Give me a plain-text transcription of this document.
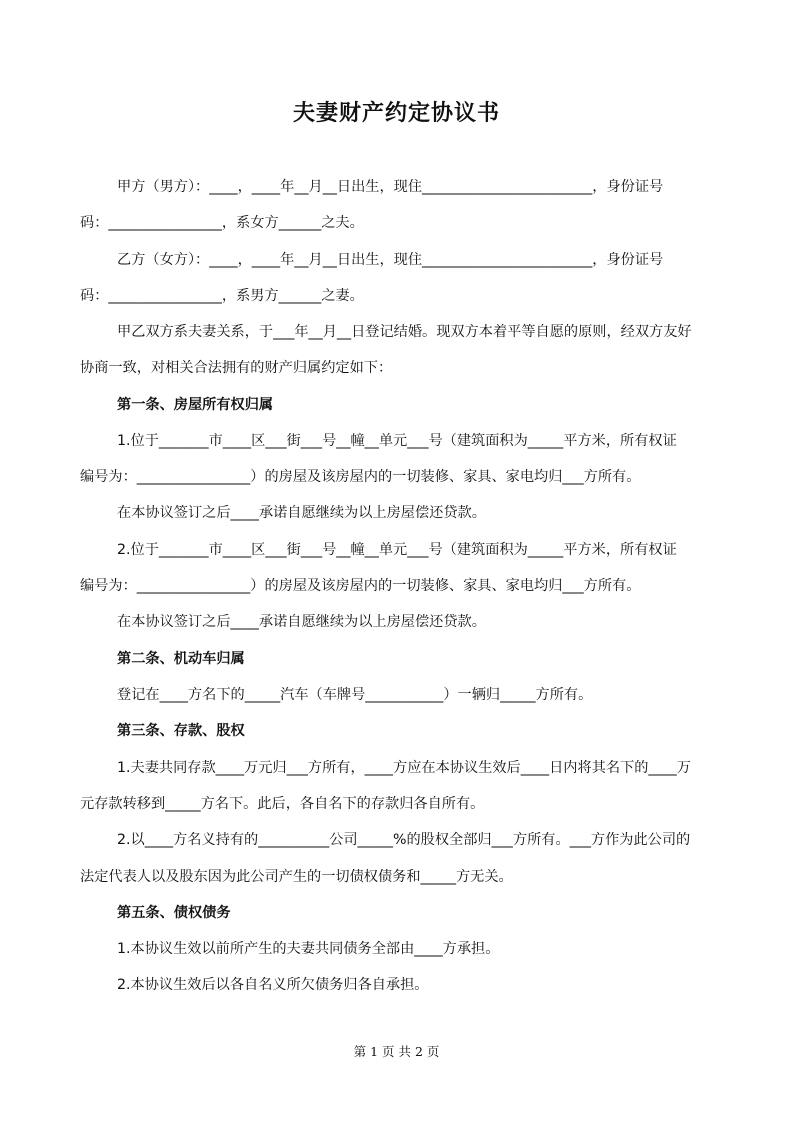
夫妻财产约定协议书
甲方（男方）：____，____年__月__日出生，现住________________________，身份证号
码：________________，系女方______之夫。
乙方（女方）：____，____年__月__日出生，现住________________________，身份证号
码：________________，系男方______之妻。
甲乙双方系夫妻关系，于___年__月__日登记结婚。现双方本着平等自愿的原则，经双方友好
协商一致，对相关合法拥有的财产归属约定如下：
第一条、房屋所有权归属
1.位于_______市____区___街___号__幢__单元___号（建筑面积为_____平方米，所有权证
编号为：________________）的房屋及该房屋内的一切装修、家具、家电均归___方所有。
在本协议签订之后____承诺自愿继续为以上房屋偿还贷款。
2.位于_______市____区___街___号__幢__单元___号（建筑面积为_____平方米，所有权证
编号为：________________）的房屋及该房屋内的一切装修、家具、家电均归___方所有。
在本协议签订之后____承诺自愿继续为以上房屋偿还贷款。
第二条、机动车归属
登记在____方名下的_____汽车（车牌号___________）一辆归_____方所有。
第三条、存款、股权
1.夫妻共同存款____万元归___方所有，____方应在本协议生效后____日内将其名下的____万
元存款转移到_____方名下。此后，各自名下的存款归各自所有。
2.以____方名义持有的__________公司_____%的股权全部归___方所有。___方作为此公司的
法定代表人以及股东因为此公司产生的一切债权债务和_____方无关。
第五条、债权债务
1.本协议生效以前所产生的夫妻共同债务全部由____方承担。
2.本协议生效后以各自名义所欠债务归各自承担。
第 1 页 共 2 页
